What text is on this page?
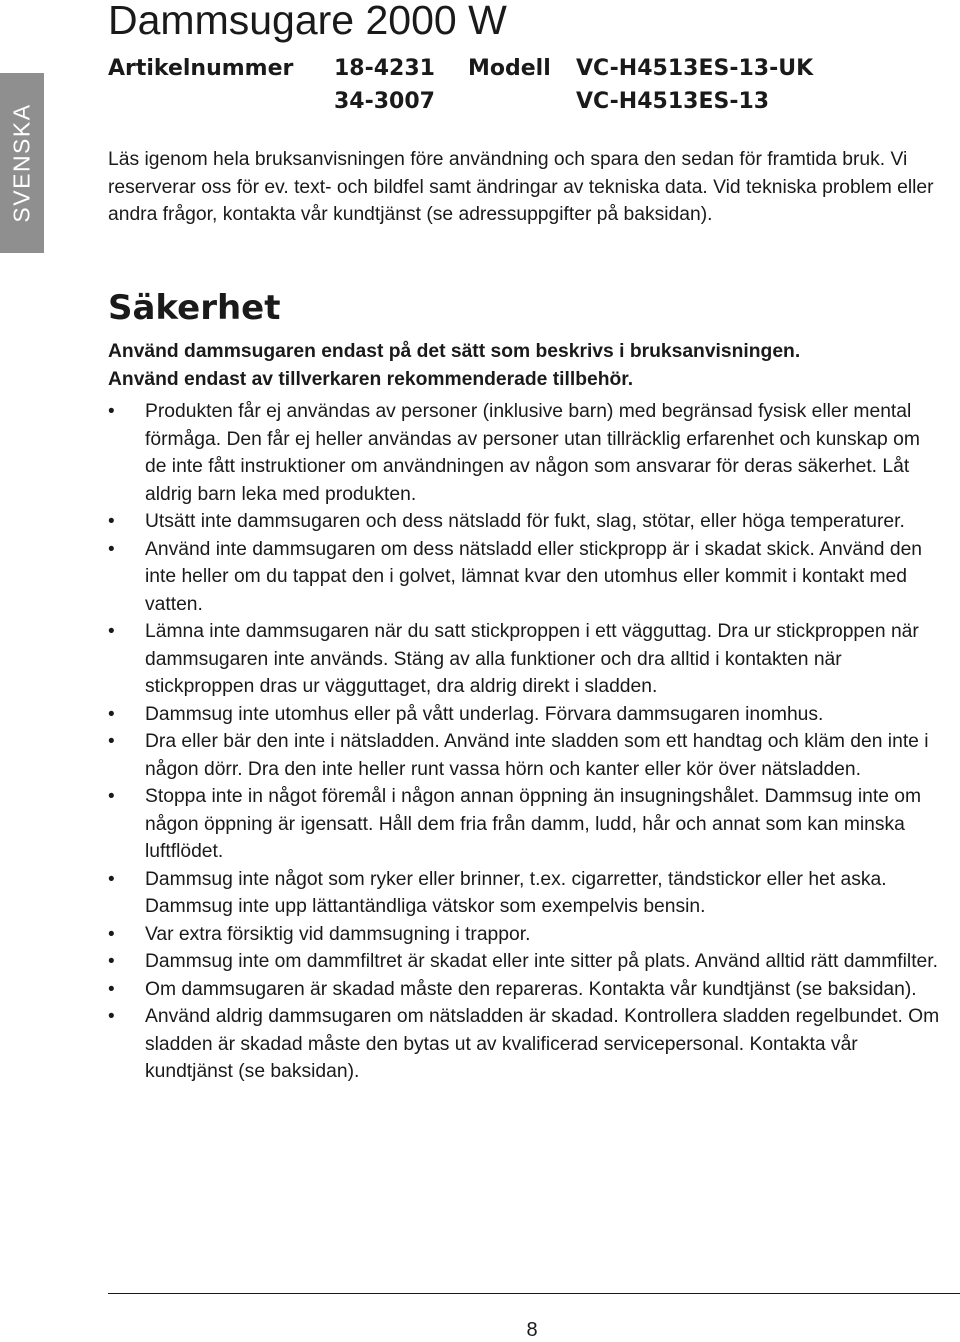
SVENSKA
Dammsugare 2000 W
Artikelnummer 18-4231 Modell VC-H4513ES-13-UK
34-3007	VC-H4513ES-13

Läs igenom hela bruksanvisningen före användning och spara den sedan för framtida bruk. Vi reserverar oss för ev. text- och bildfel samt ändringar av tekniska data. Vid tekniska problem eller andra frågor, kontakta vår kundtjänst (se adressuppgifter på baksidan).

Säkerhet
Använd dammsugaren endast på det sätt som beskrivs i bruksanvisningen.
Använd endast av tillverkaren rekommenderade tillbehör.
• Produkten får ej användas av personer (inklusive barn) med begränsad fysisk eller mental förmåga. Den får ej heller användas av personer utan tillräcklig erfarenhet och kunskap om de inte fått instruktioner om användningen av någon som ansvarar för deras säkerhet. Låt aldrig barn leka med produkten.
• Utsätt inte dammsugaren och dess nätsladd för fukt, slag, stötar, eller höga temperaturer.
• Använd inte dammsugaren om dess nätsladd eller stickpropp är i skadat skick. Använd den inte heller om du tappat den i golvet, lämnat kvar den utomhus eller kommit i kontakt med vatten.
• Lämna inte dammsugaren när du satt stickproppen i ett vägguttag. Dra ur stickproppen när dammsugaren inte används. Stäng av alla funktioner och dra alltid i kontakten när stickproppen dras ur vägguttaget, dra aldrig direkt i sladden.
• Dammsug inte utomhus eller på vått underlag. Förvara dammsugaren inomhus.
• Dra eller bär den inte i nätsladden. Använd inte sladden som ett handtag och kläm den inte i någon dörr. Dra den inte heller runt vassa hörn och kanter eller kör över nätsladden.
• Stoppa inte in något föremål i någon annan öppning än insugningshålet. Dammsug inte om någon öppning är igensatt. Håll dem fria från damm, ludd, hår och annat som kan minska luftflödet.
• Dammsug inte något som ryker eller brinner, t.ex. cigarretter, tändstickor eller het aska. Dammsug inte upp lättantändliga vätskor som exempelvis bensin.
• Var extra försiktig vid dammsugning i trappor.
• Dammsug inte om dammfiltret är skadat eller inte sitter på plats. Använd alltid rätt dammfilter.
• Om dammsugaren är skadad måste den repareras. Kontakta vår kundtjänst (se baksidan).
• Använd aldrig dammsugaren om nätsladden är skadad. Kontrollera sladden regelbundet. Om sladden är skadad måste den bytas ut av kvalificerad servicepersonal. Kontakta vår kundtjänst (se baksidan).
8
